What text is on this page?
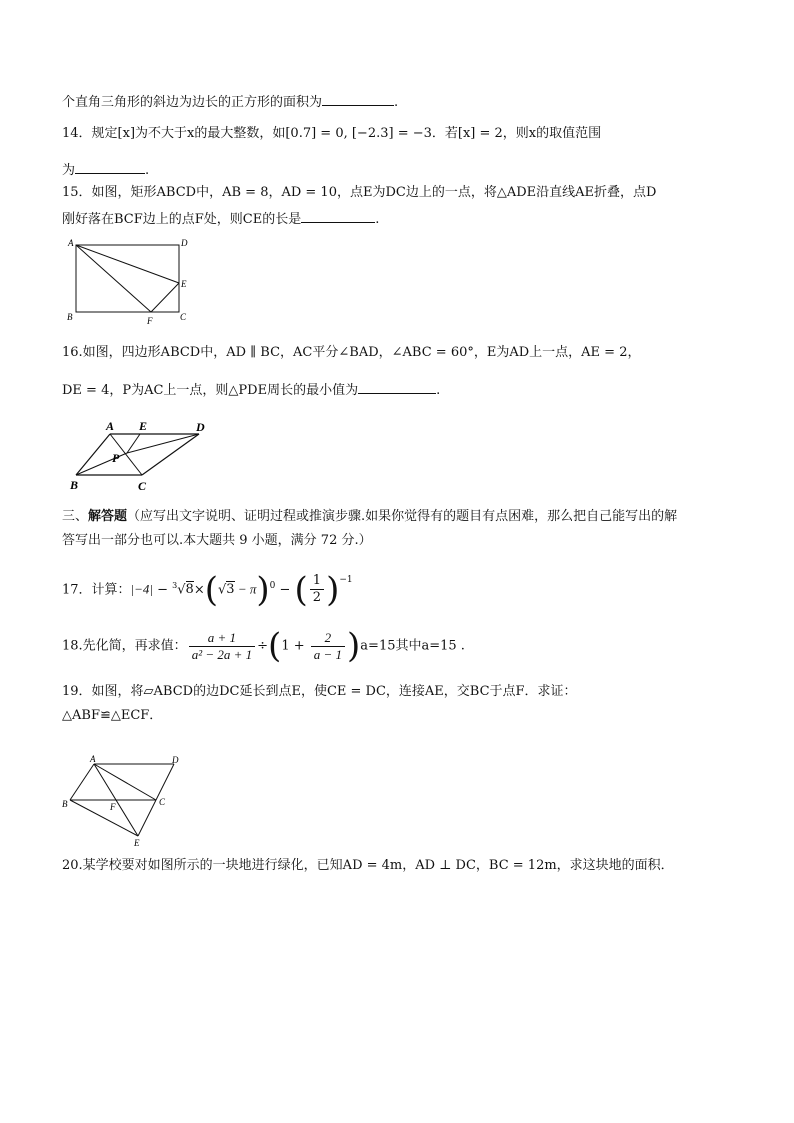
个直角三角形的斜边为边长的正方形的面积为	.
14．规定[x]为不大于x的最大整数，如[0.7] = 0, [−2.3] = −3．若[x] = 2，则x的取值范围
为	.
15．如图，矩形ABCD中，AB = 8，AD = 10，点E为DC边上的一点，将△ADE沿直线AE折叠，点D
刚好落在BCF边上的点F处，则CE的长是	.
A	D
E
B	F	C
16.如图，四边形ABCD中，AD ∥ BC，AC平分∠BAD，∠ABC = 60°，E为AD上一点，AE = 2，
DE = 4，P为AC上一点，则△PDE周长的最小值为	.
A E	D
P
B	C
三、解答题（应写出文字说明、证明过程或推演步骤.如果你觉得有的题目有点困难，那么把自己能写出的解
答写出一部分也可以.本大题共 9 小题，满分 72 分.）
17．计算：$|-4| - ^3√8\times(√3 - \pi)^0$ − ( $\frac{1}{2} )^{-1}$
18.先化简，再求值： $\frac{a + 1}{\text{a² − 2a + 1}} \div(1 + \frac{2}{a - 1} )a=15$其中a=15 .
19．如图，将▱ABCD的边DC延长到点E，使CE = DC，连接AE，交BC于点F．求证：
△ABF≌△ECF．
A	D
B	F	C
E
20.某学校要对如图所示的一块地进行绿化，已知AD = 4m，AD ⊥ DC，BC = 12m，求这块地的面积．
